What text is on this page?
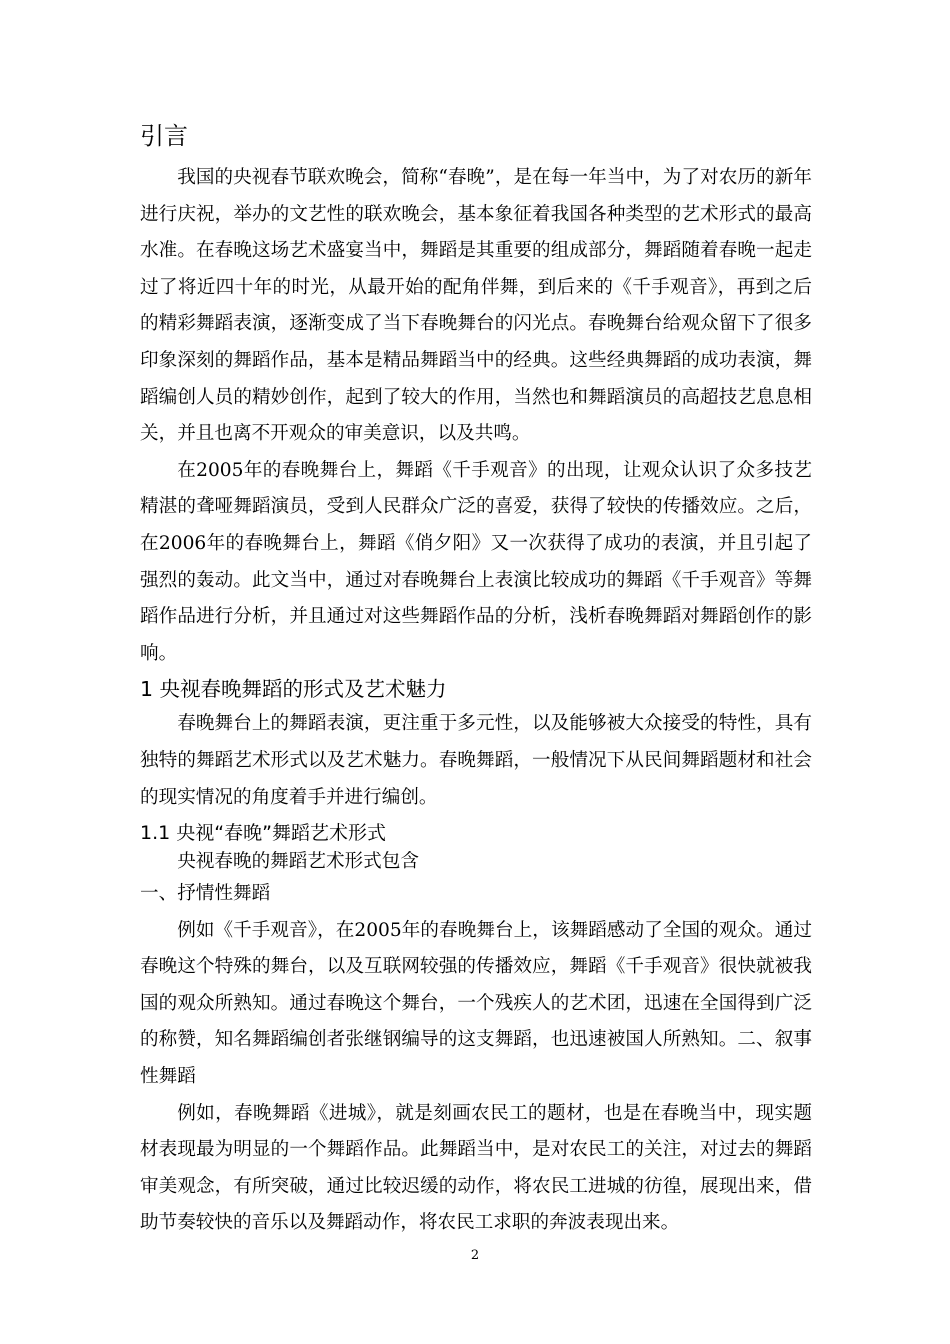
引言

我国的央视春节联欢晚会，简称“春晚”，是在每一年当中，为了对农历的新年进行庆祝，举办的文艺性的联欢晚会，基本象征着我国各种类型的艺术形式的最高水准。在春晚这场艺术盛宴当中，舞蹈是其重要的组成部分，舞蹈随着春晚一起走过了将近四十年的时光，从最开始的配角伴舞，到后来的《千手观音》，再到之后的精彩舞蹈表演，逐渐变成了当下春晚舞台的闪光点。春晚舞台给观众留下了很多印象深刻的舞蹈作品，基本是精品舞蹈当中的经典。这些经典舞蹈的成功表演，舞蹈编创人员的精妙创作，起到了较大的作用，当然也和舞蹈演员的高超技艺息息相关，并且也离不开观众的审美意识，以及共鸣。

在2005年的春晚舞台上，舞蹈《千手观音》的出现，让观众认识了众多技艺精湛的聋哑舞蹈演员，受到人民群众广泛的喜爱，获得了较快的传播效应。之后，在2006年的春晚舞台上，舞蹈《俏夕阳》又一次获得了成功的表演，并且引起了强烈的轰动。此文当中，通过对春晚舞台上表演比较成功的舞蹈《千手观音》等舞蹈作品进行分析，并且通过对这些舞蹈作品的分析，浅析春晚舞蹈对舞蹈创作的影响。

1 央视春晚舞蹈的形式及艺术魅力

春晚舞台上的舞蹈表演，更注重于多元性，以及能够被大众接受的特性，具有独特的舞蹈艺术形式以及艺术魅力。春晚舞蹈，一般情况下从民间舞蹈题材和社会的现实情况的角度着手并进行编创。

1.1 央视“春晚”舞蹈艺术形式

央视春晚的舞蹈艺术形式包含

一、抒情性舞蹈

例如《千手观音》，在2005年的春晚舞台上，该舞蹈感动了全国的观众。通过春晚这个特殊的舞台，以及互联网较强的传播效应，舞蹈《千手观音》很快就被我国的观众所熟知。通过春晚这个舞台，一个残疾人的艺术团，迅速在全国得到广泛的称赞，知名舞蹈编创者张继钢编导的这支舞蹈，也迅速被国人所熟知。二、叙事性舞蹈

例如，春晚舞蹈《进城》，就是刻画农民工的题材，也是在春晚当中，现实题材表现最为明显的一个舞蹈作品。此舞蹈当中，是对农民工的关注，对过去的舞蹈审美观念，有所突破，通过比较迟缓的动作，将农民工进城的彷徨，展现出来，借助节奏较快的音乐以及舞蹈动作，将农民工求职的奔波表现出来。

2
